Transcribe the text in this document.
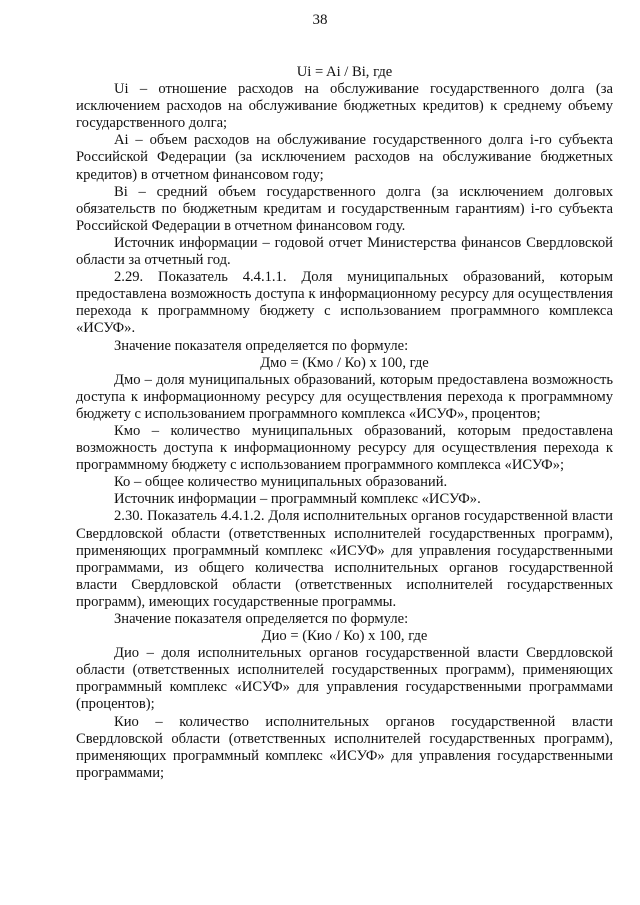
38

Ui = Ai / Bi, где

Ui – отношение расходов на обслуживание государственного долга (за исключением расходов на обслуживание бюджетных кредитов) к среднему объему государственного долга;

Ai – объем расходов на обслуживание государственного долга i-го субъекта Российской Федерации (за исключением расходов на обслуживание бюджетных кредитов) в отчетном финансовом году;

Bi – средний объем государственного долга (за исключением долговых обязательств по бюджетным кредитам и государственным гарантиям) i-го субъекта Российской Федерации в отчетном финансовом году.

Источник информации – годовой отчет Министерства финансов Свердловской области за отчетный год.

2.29. Показатель 4.4.1.1. Доля муниципальных образований, которым предоставлена возможность доступа к информационному ресурсу для осуществления перехода к программному бюджету с использованием программного комплекса «ИСУФ».

Значение показателя определяется по формуле:

Дмо = (Кмо / Ко) х 100, где

Дмо – доля муниципальных образований, которым предоставлена возможность доступа к информационному ресурсу для осуществления перехода к программному бюджету с использованием программного комплекса «ИСУФ», процентов;

Кмо – количество муниципальных образований, которым предоставлена возможность доступа к информационному ресурсу для осуществления перехода к программному бюджету с использованием программного комплекса «ИСУФ»;

Ко – общее количество муниципальных образований.

Источник информации – программный комплекс «ИСУФ».

2.30. Показатель 4.4.1.2. Доля исполнительных органов государственной власти Свердловской области (ответственных исполнителей государственных программ), применяющих программный комплекс «ИСУФ» для управления государственными программами, из общего количества исполнительных органов государственной власти Свердловской области (ответственных исполнителей государственных программ), имеющих государственные программы.

Значение показателя определяется по формуле:

Дио = (Кио / Ко) х 100, где

Дио – доля исполнительных органов государственной власти Свердловской области (ответственных исполнителей государственных программ), применяющих программный комплекс «ИСУФ» для управления государственными программами (процентов);

Кио – количество исполнительных органов государственной власти Свердловской области (ответственных исполнителей государственных программ), применяющих программный комплекс «ИСУФ» для управления государственными программами;
